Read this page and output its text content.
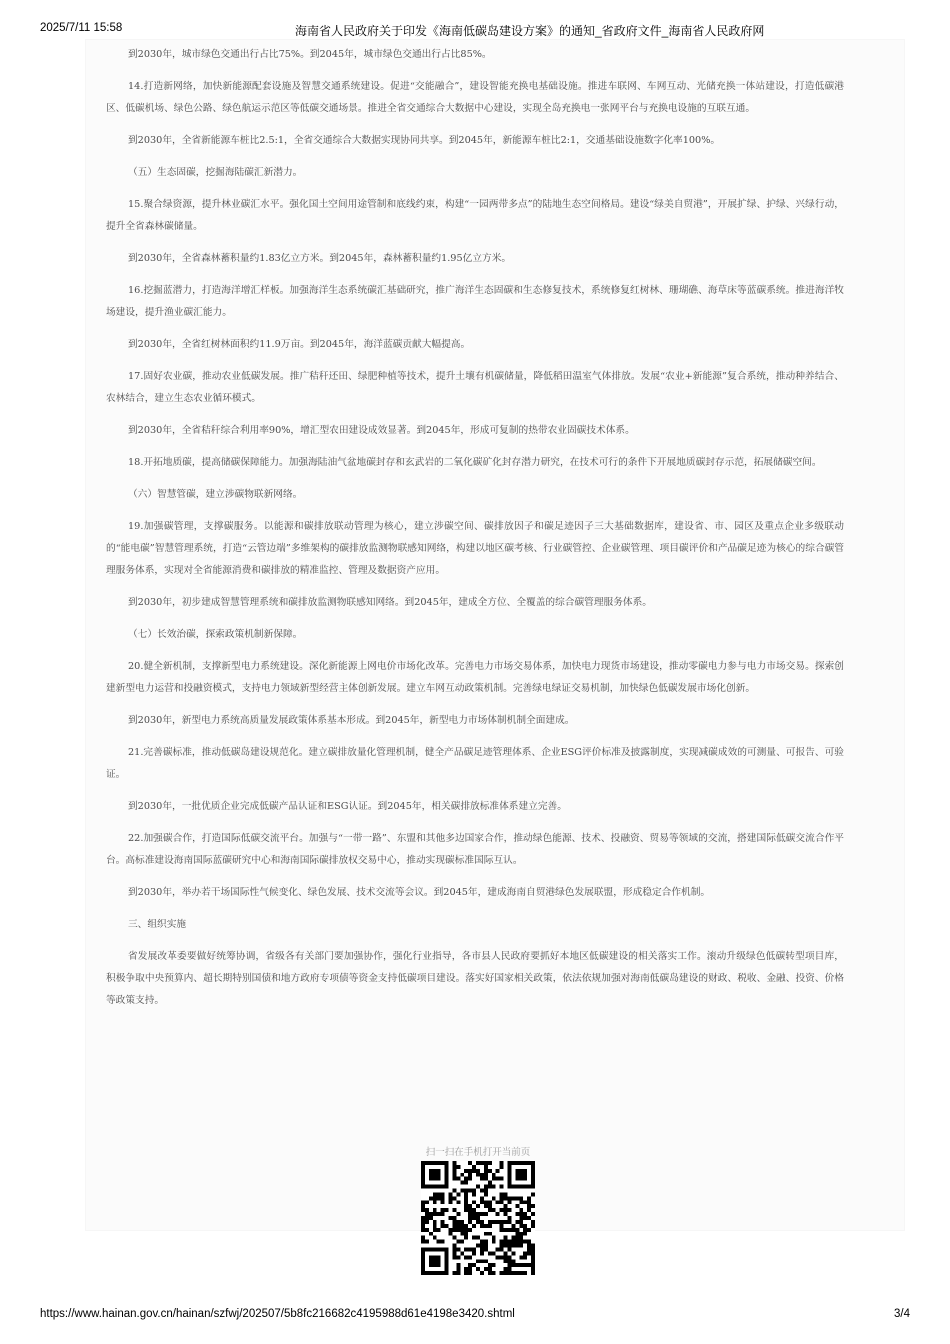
2025/7/11 15:58	海南省人民政府关于印发《海南低碳岛建设方案》的通知_省政府文件_海南省人民政府网

到2030年，城市绿色交通出行占比75%。到2045年，城市绿色交通出行占比85%。

14.打造新网络，加快新能源配套设施及智慧交通系统建设。促进“交能融合”，建设智能充换电基础设施。推进车联网、车网互动、光储充换一体站建设，打造低碳港区、低碳机场、绿色公路、绿色航运示范区等低碳交通场景。推进全省交通综合大数据中心建设，实现全岛充换电一张网平台与充换电设施的互联互通。

到2030年，全省新能源车桩比2.5:1，全省交通综合大数据实现协同共享。到2045年，新能源车桩比2:1，交通基础设施数字化率100%。

（五）生态固碳，挖掘海陆碳汇新潜力。

15.聚合绿资源，提升林业碳汇水平。强化国土空间用途管制和底线约束，构建“一园两带多点”的陆地生态空间格局。建设“绿美自贸港”，开展扩绿、护绿、兴绿行动，提升全省森林碳储量。

到2030年，全省森林蓄积量约1.83亿立方米。到2045年，森林蓄积量约1.95亿立方米。

16.挖掘蓝潜力，打造海洋增汇样板。加强海洋生态系统碳汇基础研究，推广海洋生态固碳和生态修复技术，系统修复红树林、珊瑚礁、海草床等蓝碳系统。推进海洋牧场建设，提升渔业碳汇能力。

到2030年，全省红树林面积约11.9万亩。到2045年，海洋蓝碳贡献大幅提高。

17.固好农业碳，推动农业低碳发展。推广秸秆还田、绿肥种植等技术，提升土壤有机碳储量，降低稻田温室气体排放。发展“农业+新能源”复合系统，推动种养结合、农林结合，建立生态农业循环模式。

到2030年，全省秸秆综合利用率90%，增汇型农田建设成效显著。到2045年，形成可复制的热带农业固碳技术体系。

18.开拓地质碳，提高储碳保障能力。加强海陆油气盆地碳封存和玄武岩的二氧化碳矿化封存潜力研究，在技术可行的条件下开展地质碳封存示范，拓展储碳空间。

（六）智慧管碳，建立涉碳物联新网络。

19.加强碳管理，支撑碳服务。以能源和碳排放联动管理为核心，建立涉碳空间、碳排放因子和碳足迹因子三大基础数据库，建设省、市、园区及重点企业多级联动的“能电碳”智慧管理系统，打造“云管边端”多维架构的碳排放监测物联感知网络，构建以地区碳考核、行业碳管控、企业碳管理、项目碳评价和产品碳足迹为核心的综合碳管理服务体系，实现对全省能源消费和碳排放的精准监控、管理及数据资产应用。

到2030年，初步建成智慧管理系统和碳排放监测物联感知网络。到2045年，建成全方位、全覆盖的综合碳管理服务体系。

（七）长效治碳，探索政策机制新保障。

20.健全新机制，支撑新型电力系统建设。深化新能源上网电价市场化改革。完善电力市场交易体系，加快电力现货市场建设，推动零碳电力参与电力市场交易。探索创建新型电力运营和投融资模式，支持电力领域新型经营主体创新发展。建立车网互动政策机制。完善绿电绿证交易机制，加快绿色低碳发展市场化创新。

到2030年，新型电力系统高质量发展政策体系基本形成。到2045年，新型电力市场体制机制全面建成。

21.完善碳标准，推动低碳岛建设规范化。建立碳排放量化管理机制，健全产品碳足迹管理体系、企业ESG评价标准及披露制度，实现减碳成效的可测量、可报告、可验证。

到2030年，一批优质企业完成低碳产品认证和ESG认证。到2045年，相关碳排放标准体系建立完善。

22.加强碳合作，打造国际低碳交流平台。加强与“一带一路”、东盟和其他多边国家合作，推动绿色能源、技术、投融资、贸易等领域的交流，搭建国际低碳交流合作平台。高标准建设海南国际蓝碳研究中心和海南国际碳排放权交易中心，推动实现碳标准国际互认。

到2030年，举办若干场国际性气候变化、绿色发展、技术交流等会议。到2045年，建成海南自贸港绿色发展联盟，形成稳定合作机制。

三、组织实施

省发展改革委要做好统筹协调，省级各有关部门要加强协作，强化行业指导，各市县人民政府要抓好本地区低碳建设的相关落实工作。滚动升级绿色低碳转型项目库，积极争取中央预算内、超长期特别国债和地方政府专项债等资金支持低碳项目建设。落实好国家相关政策，依法依规加强对海南低碳岛建设的财政、税收、金融、投资、价格等政策支持。

扫一扫在手机打开当前页
https://www.hainan.gov.cn/hainan/szfwj/202507/5b8fc216682c4195988d61e4198e3420.shtml	3/4
